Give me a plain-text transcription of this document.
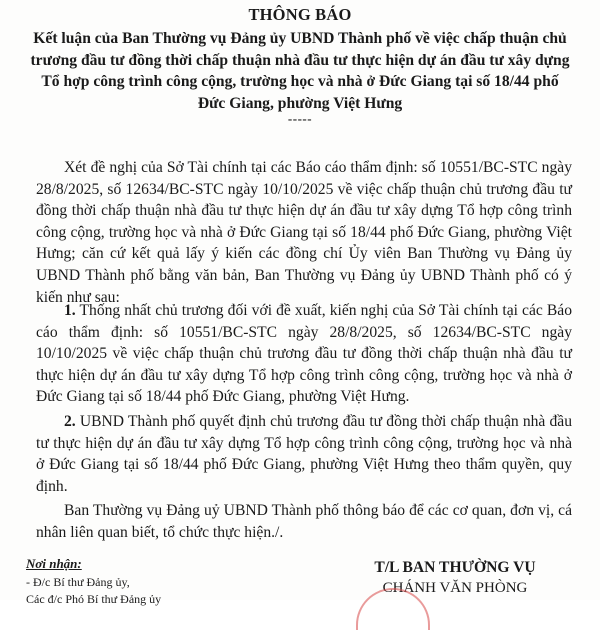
THÔNG BÁO
Kết luận của Ban Thường vụ Đảng ủy UBND Thành phố về việc chấp thuận chủ trương đầu tư đồng thời chấp thuận nhà đầu tư thực hiện dự án đầu tư xây dựng Tổ hợp công trình công cộng, trường học và nhà ở Đức Giang tại số 18/44 phố Đức Giang, phường Việt Hưng
-----

Xét đề nghị của Sở Tài chính tại các Báo cáo thẩm định: số 10551/BC-STC ngày 28/8/2025, số 12634/BC-STC ngày 10/10/2025 về việc chấp thuận chủ trương đầu tư đồng thời chấp thuận nhà đầu tư thực hiện dự án đầu tư xây dựng Tổ hợp công trình công cộng, trường học và nhà ở Đức Giang tại số 18/44 phố Đức Giang, phường Việt Hưng; căn cứ kết quả lấy ý kiến các đồng chí Ủy viên Ban Thường vụ Đảng ủy UBND Thành phố bằng văn bản, Ban Thường vụ Đảng ủy UBND Thành phố có ý kiến như sau:

1. Thống nhất chủ trương đối với đề xuất, kiến nghị của Sở Tài chính tại các Báo cáo thẩm định: số 10551/BC-STC ngày 28/8/2025, số 12634/BC-STC ngày 10/10/2025 về việc chấp thuận chủ trương đầu tư đồng thời chấp thuận nhà đầu tư thực hiện dự án đầu tư xây dựng Tổ hợp công trình công cộng, trường học và nhà ở Đức Giang tại số 18/44 phố Đức Giang, phường Việt Hưng.

2. UBND Thành phố quyết định chủ trương đầu tư đồng thời chấp thuận nhà đầu tư thực hiện dự án đầu tư xây dựng Tổ hợp công trình công cộng, trường học và nhà ở Đức Giang tại số 18/44 phố Đức Giang, phường Việt Hưng theo thẩm quyền, quy định.

Ban Thường vụ Đảng uỷ UBND Thành phố thông báo để các cơ quan, đơn vị, cá nhân liên quan biết, tổ chức thực hiện./.

Nơi nhận:
- Đ/c Bí thư Đảng ủy,
Các đ/c Phó Bí thư Đảng ủy
T/L BAN THƯỜNG VỤ
CHÁNH VĂN PHÒNG
